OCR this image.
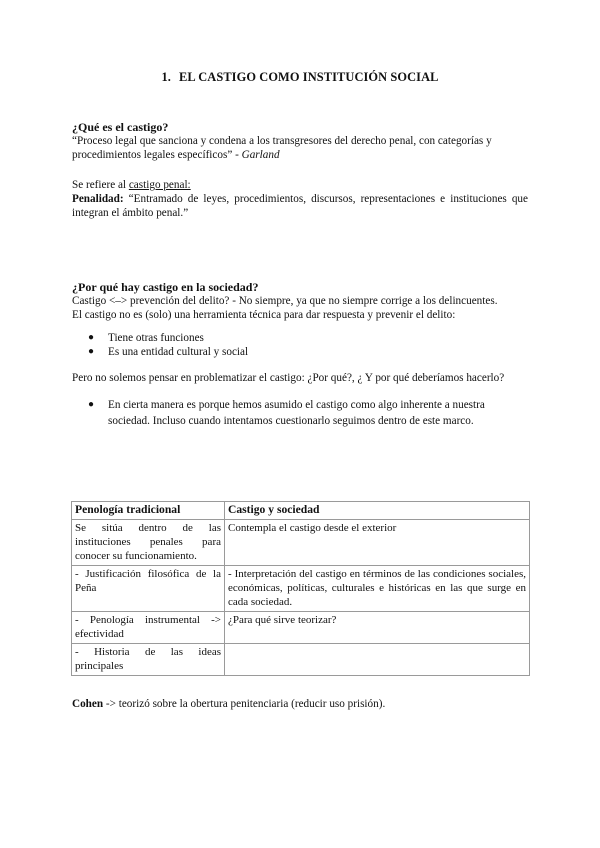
1. EL CASTIGO COMO INSTITUCIÓN SOCIAL
¿Qué es el castigo?
“Proceso legal que sanciona y condena a los transgresores del derecho penal, con categorías y procedimientos legales específicos” - Garland
Se refiere al castigo penal:
Penalidad: “Entramado de leyes, procedimientos, discursos, representaciones e instituciones que integran el ámbito penal.”
¿Por qué hay castigo en la sociedad?
Castigo <–> prevención del delito? - No siempre, ya que no siempre corrige a los delincuentes.
El castigo no es (solo) una herramienta técnica para dar respuesta y prevenir el delito:
● Tiene otras funciones
● Es una entidad cultural y social
Pero no solemos pensar en problematizar el castigo: ¿Por qué?, ¿ Y por qué deberíamos hacerlo?
● En cierta manera es porque hemos asumido el castigo como algo inherente a nuestra sociedad. Incluso cuando intentamos cuestionarlo seguimos dentro de este marco.
Penología tradicional	Castigo y sociedad
Se sitúa dentro de las instituciones penales para conocer su funcionamiento.	Contempla el castigo desde el exterior
- Justificación filosófica de la Peña	- Interpretación del castigo en términos de las condiciones sociales, económicas, políticas, culturales e históricas en las que surge en cada sociedad.
- Penología instrumental -> efectividad	¿Para qué sirve teorizar?
- Historia de las ideas principales	
Cohen -> teorizó sobre la obertura penitenciaria (reducir uso prisión).
